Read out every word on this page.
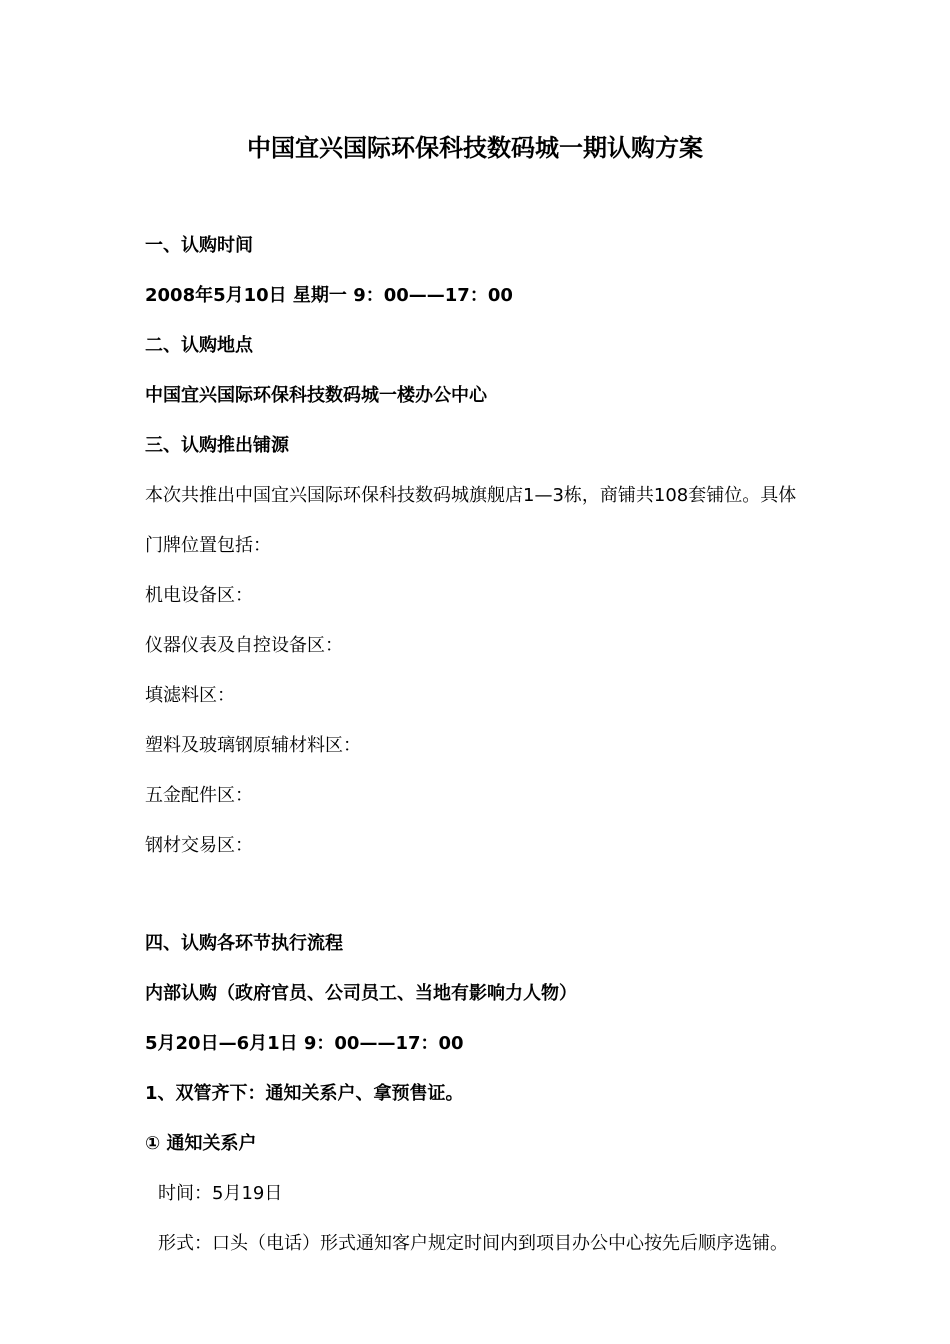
中国宜兴国际环保科技数码城一期认购方案
一、认购时间
2008年5月10日 星期一 9：00——17：00
二、认购地点
中国宜兴国际环保科技数码城一楼办公中心
三、认购推出铺源
本次共推出中国宜兴国际环保科技数码城旗舰店1—3栋，商铺共108套铺位。具体
门牌位置包括：
机电设备区：
仪器仪表及自控设备区：
填滤料区：
塑料及玻璃钢原辅材料区：
五金配件区：
钢材交易区：
四、认购各环节执行流程
内部认购（政府官员、公司员工、当地有影响力人物）
5月20日—6月1日 9：00——17：00
1、双管齐下：通知关系户、拿预售证。
① 通知关系户
时间：5月19日
形式：口头（电话）形式通知客户规定时间内到项目办公中心按先后顺序选铺。
